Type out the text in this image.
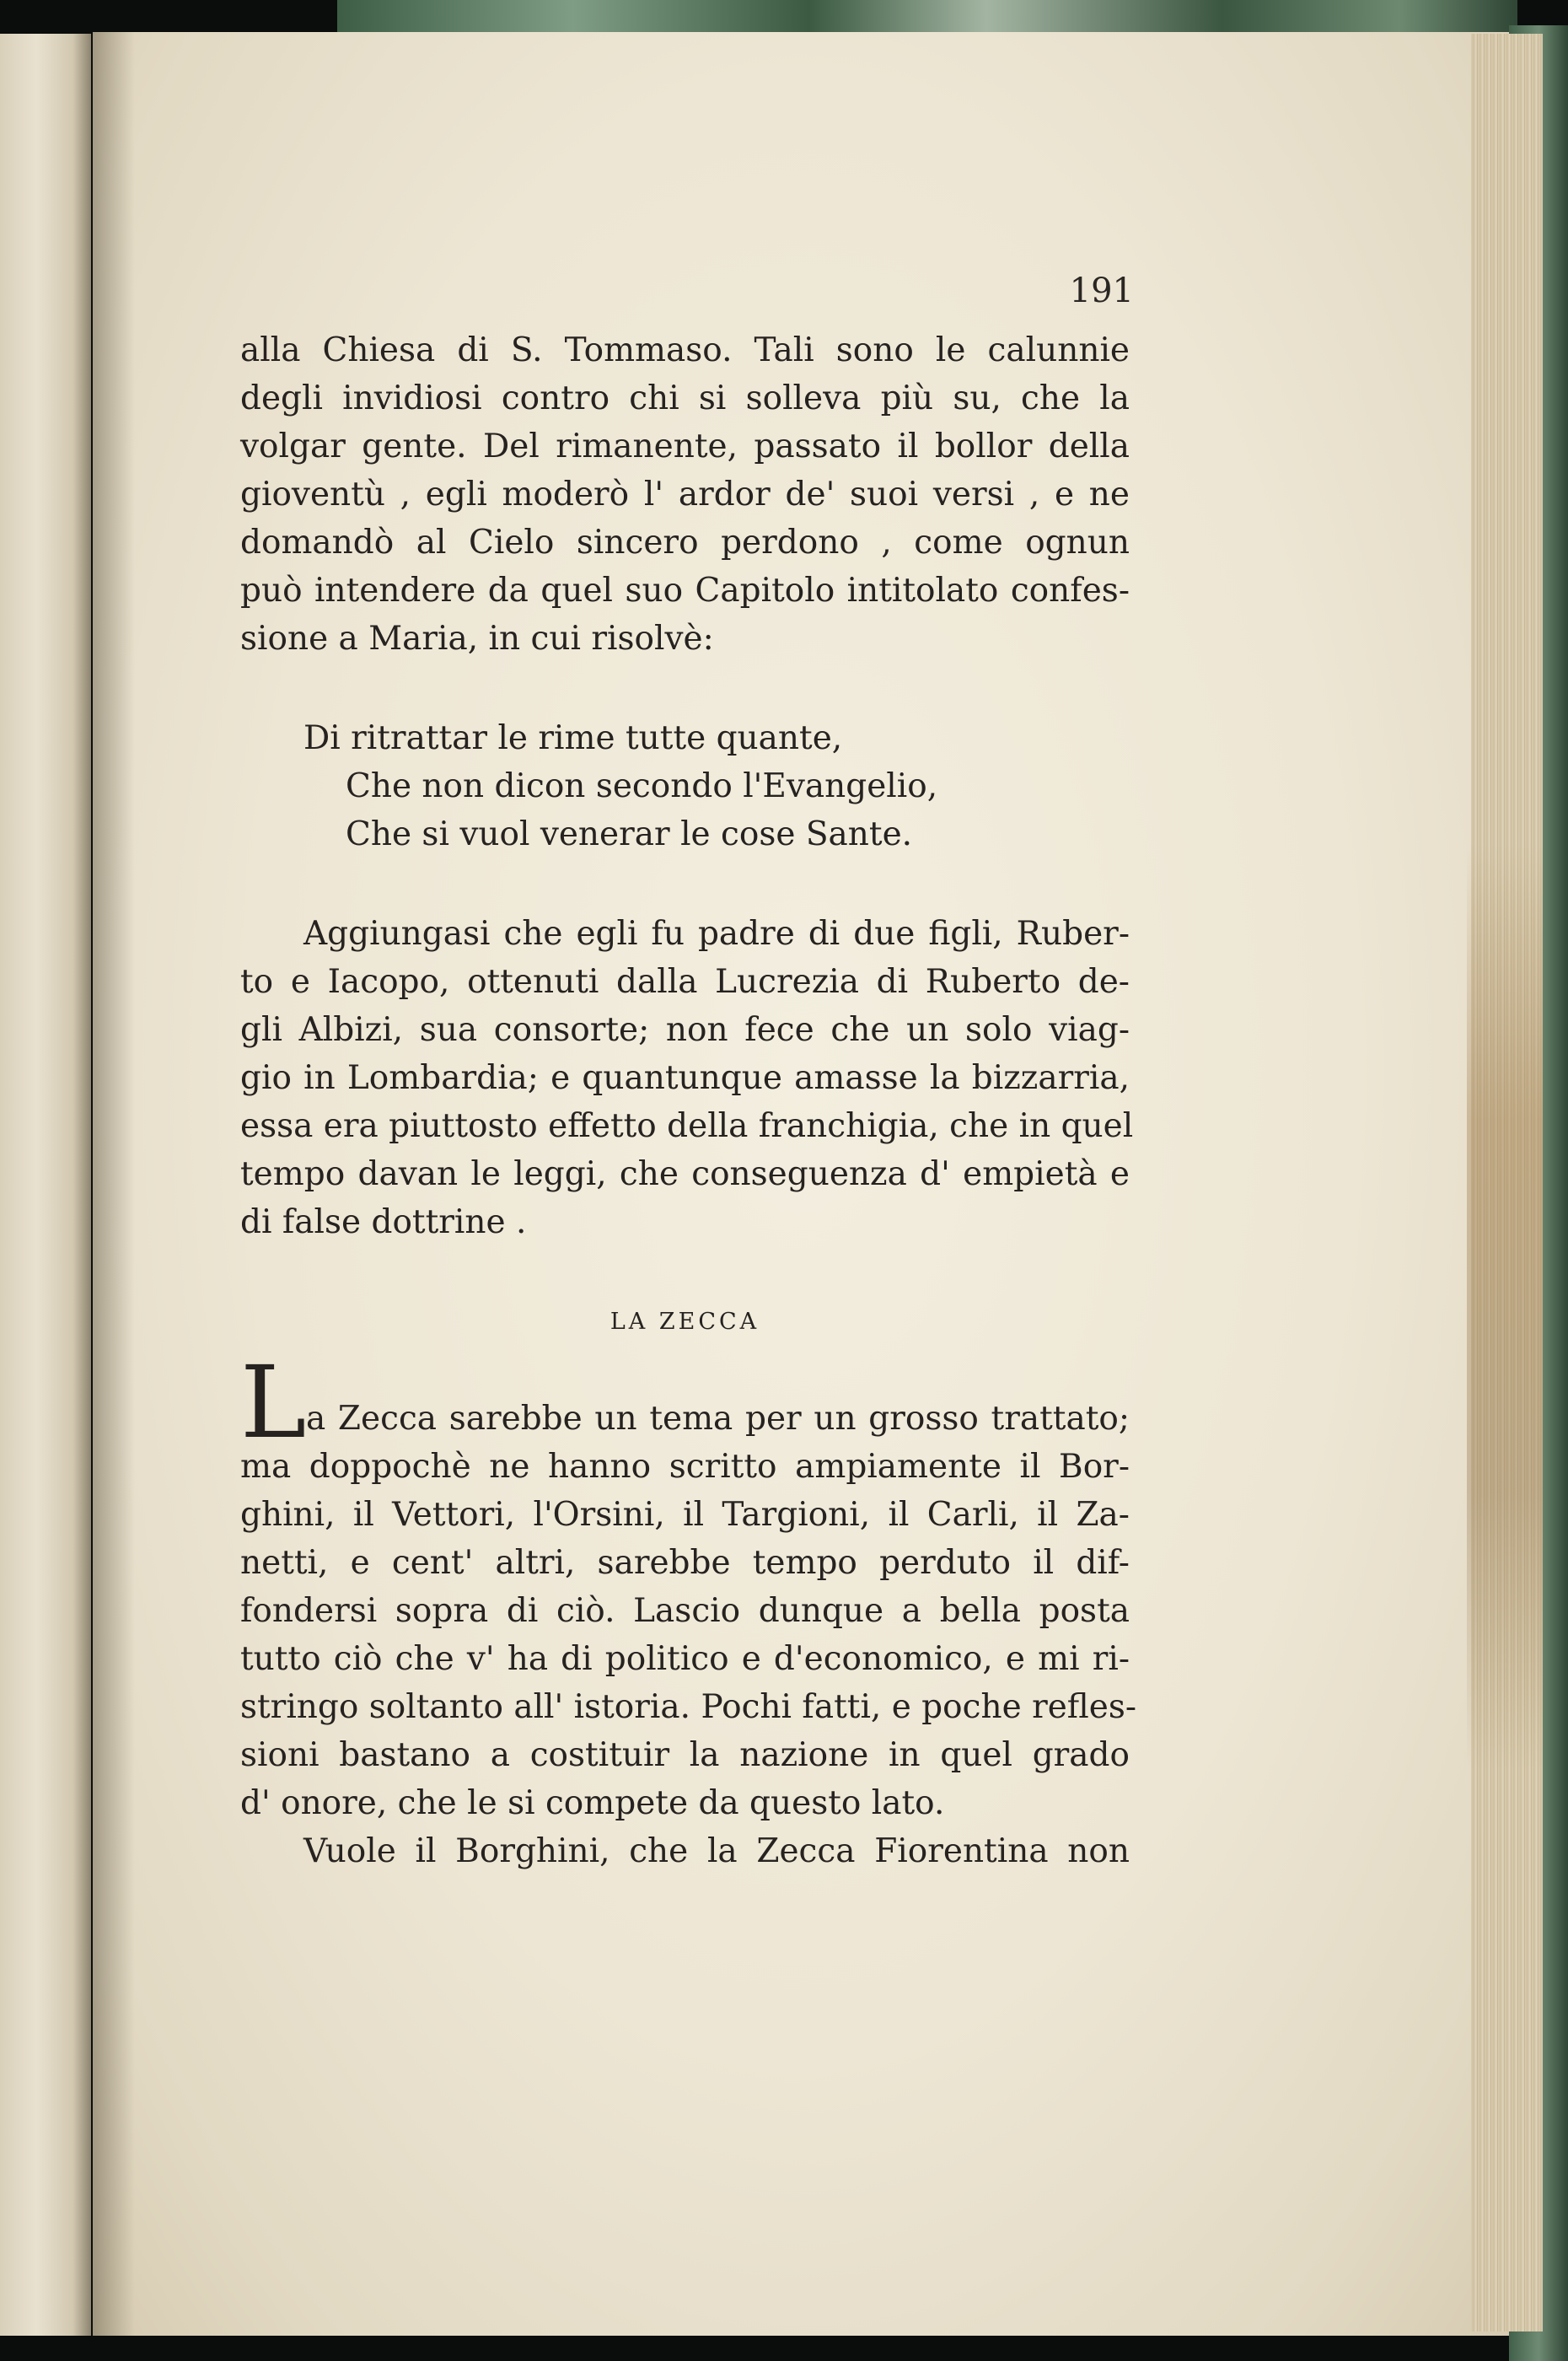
191
alla Chiesa di S. Tommaso. Tali sono le calunnie
degli invidiosi contro chi si solleva più su, che la
volgar gente. Del rimanente, passato il bollor della
gioventù , egli moderò l' ardor de' suoi versi , e ne
domandò al Cielo sincero perdono , come ognun
può intendere da quel suo Capitolo intitolato confes-
sione a Maria, in cui risolvè:
Di ritrattar le rime tutte quante,
Che non dicon secondo l'Evangelio,
Che si vuol venerar le cose Sante.
Aggiungasi che egli fu padre di due figli, Ruber-
to e Iacopo, ottenuti dalla Lucrezia di Ruberto de-
gli Albizi, sua consorte; non fece che un solo viag-
gio in Lombardia; e quantunque amasse la bizzarria,
essa era piuttosto effetto della franchigia, che in quel
tempo davan le leggi, che conseguenza d' empietà e
di false dottrine .
LA ZECCA
L a Zecca sarebbe un tema per un grosso trattato;
ma doppochè ne hanno scritto ampiamente il Bor-
ghini, il Vettori, l'Orsini, il Targioni, il Carli, il Za-
netti, e cent' altri, sarebbe tempo perduto il dif-
fondersi sopra di ciò. Lascio dunque a bella posta
tutto ciò che v' ha di politico e d'economico, e mi ri-
stringo soltanto all' istoria. Pochi fatti, e poche refles-
sioni bastano a costituir la nazione in quel grado
d' onore, che le si compete da questo lato.
Vuole il Borghini, che la Zecca Fiorentina non
